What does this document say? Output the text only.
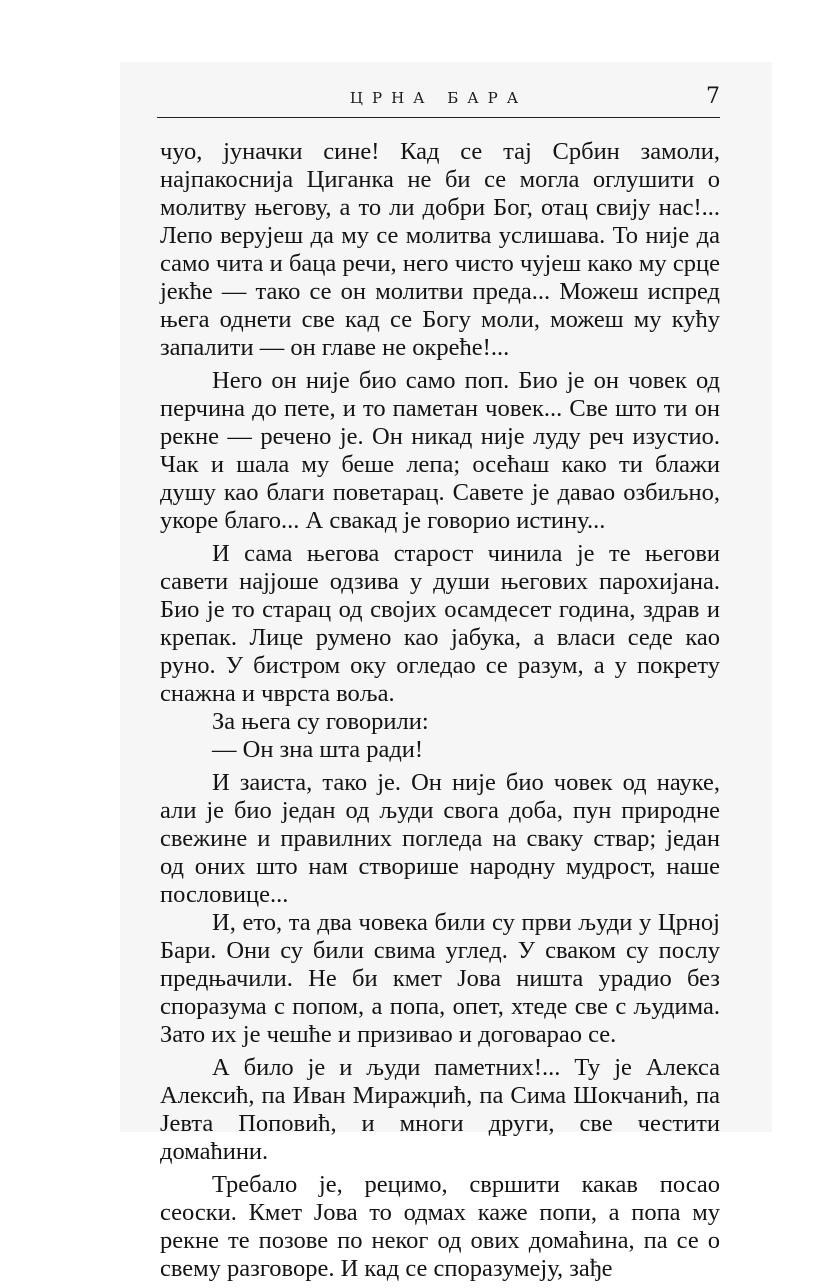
ЦРНА БАРА	7

чуо, јуначки сине! Кад се тај Србин замоли, најпакоснија Циганка не би се могла оглушити о молитву његову, а то ли добри Бог, отац свију нас!... Лепо верујеш да му се молитва услишава. То није да само чита и баца речи, него чисто чујеш како му срце јекће — тако се он молитви преда... Можеш испред њега однети све кад се Богу моли, можеш му кућу запалити — он главе не окреће!...

Него он није био само поп. Био је он човек од перчина до пете, и то паметан човек... Све што ти он рекне — речено је. Он никад није луду реч изустио. Чак и шала му беше лепа; осећаш како ти блажи душу као благи поветарац. Савете је давао озбиљно, укоре благо... А свакад је говорио истину...

И сама његова старост чинила је те његови савети најјоше одзива у души његових парохијана. Био је то старац од својих осамдесет година, здрав и крепак. Лице румено као јабука, а власи седе као руно. У бистром оку огледао се разум, а у покрету снажна и чврста воља.

За њега су говорили:

— Он зна шта ради!

И заиста, тако је. Он није био човек од науке, али је био један од људи свога доба, пун природне свежине и правилних погледа на сваку ствар; један од оних што нам створише народну мудрост, наше пословице...

И, ето, та два човека били су први људи у Црној Бари. Они су били свима углед. У сваком су послу предњачили. Не би кмет Јова ништа урадио без споразума с попом, а попа, опет, хтеде све с људима. Зато их је чешће и призивао и договарао се.

А било је и људи паметних!... Ту је Алекса Алексић, па Иван Миражџић, па Сима Шокчанић, па Јевта Поповић, и многи други, све честити домаћини.

Требало је, рецимо, свршити какав посао сеоски. Кмет Јова то одмах каже попи, а попа му рекне те позове по неког од ових домаћина, па се о свему разговоре. И кад се споразумеју, зађе
